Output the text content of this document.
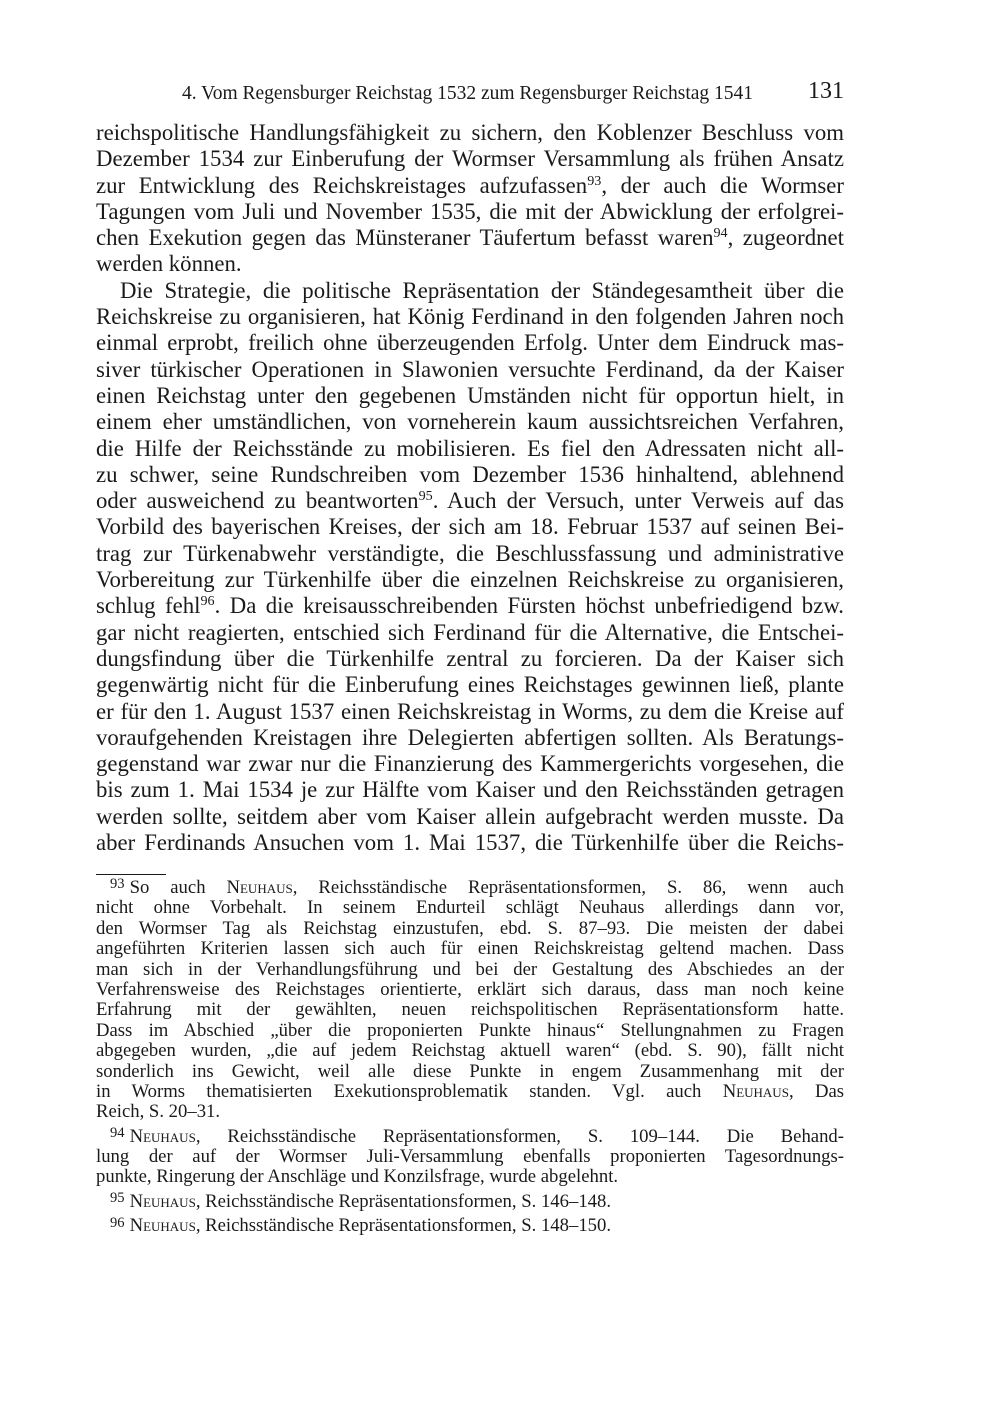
4. Vom Regensburger Reichstag 1532 zum Regensburger Reichstag 1541 131
reichspolitische Handlungsfähigkeit zu sichern, den Koblenzer Beschluss vom
Dezember 1534 zur Einberufung der Wormser Versammlung als frühen Ansatz
zur Entwicklung des Reichskreistages aufzufassen$^{93}$, der auch die Wormser
Tagungen vom Juli und November 1535, die mit der Abwicklung der erfolgrei-
chen Exekution gegen das Münsteraner Täufertum befasst waren$^{94}$, zugeordnet
werden können.
Die Strategie, die politische Repräsentation der Ständegesamtheit über die
Reichskreise zu organisieren, hat König Ferdinand in den folgenden Jahren noch
einmal erprobt, freilich ohne überzeugenden Erfolg. Unter dem Eindruck mas-
siver türkischer Operationen in Slawonien versuchte Ferdinand, da der Kaiser
einen Reichstag unter den gegebenen Umständen nicht für opportun hielt, in
einem eher umständlichen, von vorneherein kaum aussichtsreichen Verfahren,
die Hilfe der Reichsstände zu mobilisieren. Es fiel den Adressaten nicht all-
zu schwer, seine Rundschreiben vom Dezember 1536 hinhaltend, ablehnend
oder ausweichend zu beantworten$^{95}$. Auch der Versuch, unter Verweis auf das
Vorbild des bayerischen Kreises, der sich am 18. Februar 1537 auf seinen Bei-
trag zur Türkenabwehr verständigte, die Beschlussfassung und administrative
Vorbereitung zur Türkenhilfe über die einzelnen Reichskreise zu organisieren,
schlug fehl$^{96}$. Da die kreisausschreibenden Fürsten höchst unbefriedigend bzw.
gar nicht reagierten, entschied sich Ferdinand für die Alternative, die Entschei-
dungsfindung über die Türkenhilfe zentral zu forcieren. Da der Kaiser sich
gegenwärtig nicht für die Einberufung eines Reichstages gewinnen ließ, plante
er für den 1. August 1537 einen Reichskreistag in Worms, zu dem die Kreise auf
voraufgehenden Kreistagen ihre Delegierten abfertigen sollten. Als Beratungs-
gegenstand war zwar nur die Finanzierung des Kammergerichts vorgesehen, die
bis zum 1. Mai 1534 je zur Hälfte vom Kaiser und den Reichsständen getragen
werden sollte, seitdem aber vom Kaiser allein aufgebracht werden musste. Da
aber Ferdinands Ansuchen vom 1. Mai 1537, die Türkenhilfe über die Reichs-
$^{93}$ So auch Neuhaus, Reichsständische Repräsentationsformen, S. 86, wenn auch
nicht ohne Vorbehalt. In seinem Endurteil schlägt Neuhaus allerdings dann vor,
den Wormser Tag als Reichstag einzustufen, ebd. S. 87–93. Die meisten der dabei
angeführten Kriterien lassen sich auch für einen Reichskreistag geltend machen. Dass
man sich in der Verhandlungsführung und bei der Gestaltung des Abschiedes an der
Verfahrensweise des Reichstages orientierte, erklärt sich daraus, dass man noch keine
Erfahrung mit der gewählten, neuen reichspolitischen Repräsentationsform hatte.
Dass im Abschied „über die proponierten Punkte hinaus“ Stellungnahmen zu Fragen
abgegeben wurden, „die auf jedem Reichstag aktuell waren“ (ebd. S. 90), fällt nicht
sonderlich ins Gewicht, weil alle diese Punkte in engem Zusammenhang mit der
in Worms thematisierten Exekutionsproblematik standen. Vgl. auch Neuhaus, Das
Reich, S. 20–31.
$^{94}$ Neuhaus, Reichsständische Repräsentationsformen, S. 109–144. Die Behand-
lung der auf der Wormser Juli-Versammlung ebenfalls proponierten Tagesordnungs-
punkte, Ringerung der Anschläge und Konzilsfrage, wurde abgelehnt.
$^{95}$ Neuhaus, Reichsständische Repräsentationsformen, S. 146–148.
$^{96}$ Neuhaus, Reichsständische Repräsentationsformen, S. 148–150.
